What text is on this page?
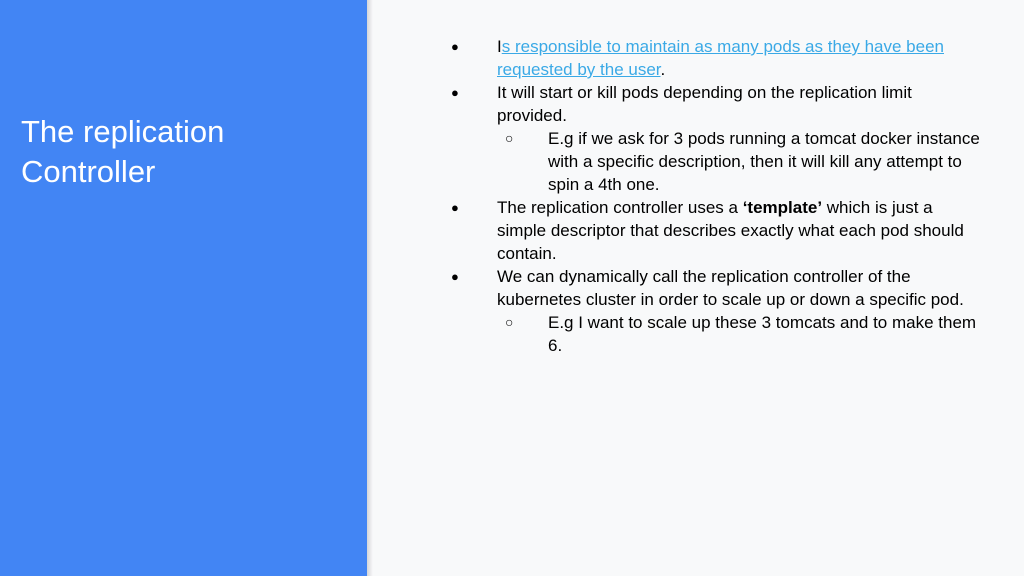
The replication
Controller
● Is responsible to maintain as many pods as they have been requested by the user.
● It will start or kill pods depending on the replication limit provided.
○ E.g if we ask for 3 pods running a tomcat docker instance with a specific description, then it will kill any attempt to spin a 4th one.
● The replication controller uses a ‘template’ which is just a simple descriptor that describes exactly what each pod should contain.
● We can dynamically call the replication controller of the kubernetes cluster in order to scale up or down a specific pod.
○ E.g I want to scale up these 3 tomcats and to make them 6.
